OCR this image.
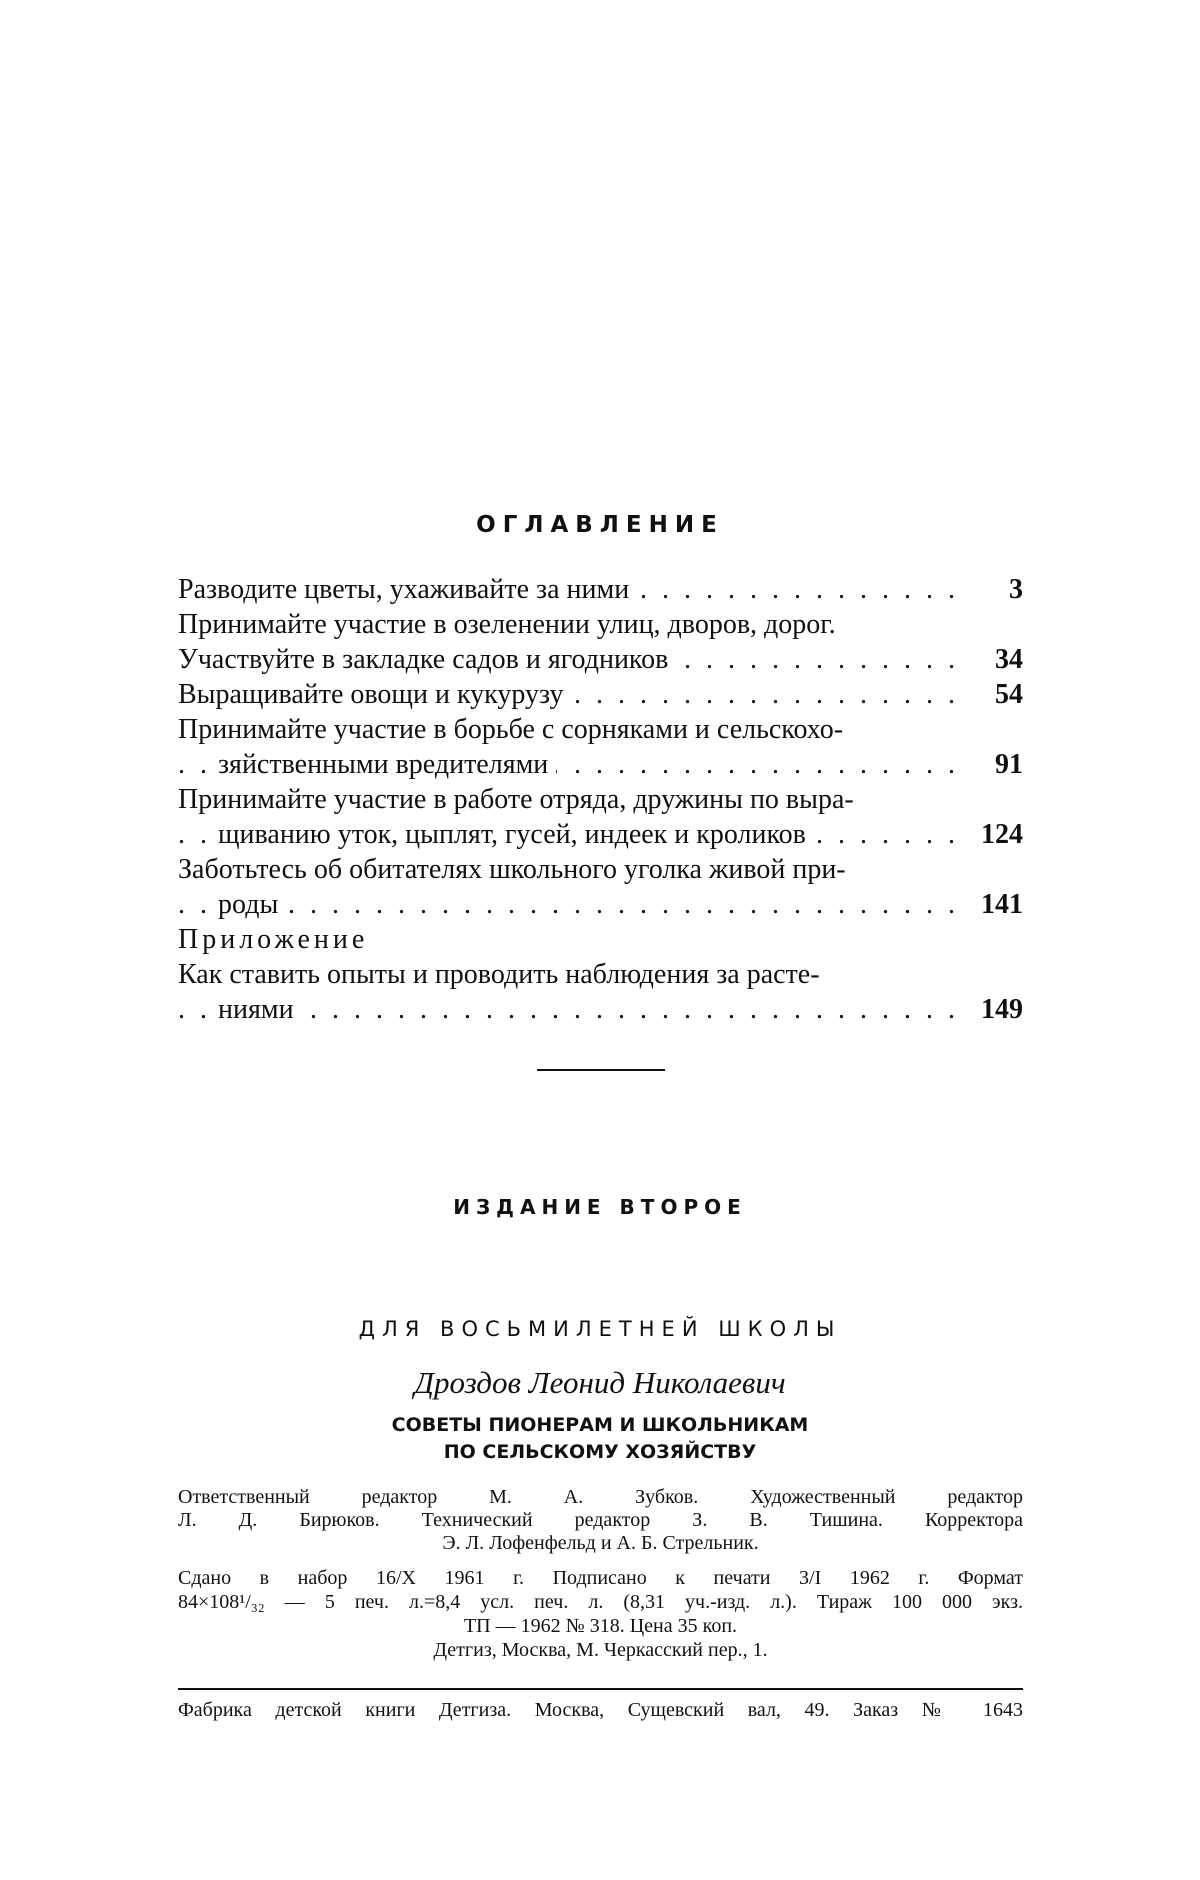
ОГЛАВЛЕНИЕ
. . . Разводите цветы, ухаживайте за ними	3
Принимайте участие в озеленении улиц, дворов, дорог.
. . . Участвуйте в закладке садов и ягодников	34
. . . Выращивайте овощи и кукурузу	54
Принимайте участие в борьбе с сорняками и сельскохо-
. . . зяйственными вредителями	91
Принимайте участие в работе отряда, дружины по выра-
. . . щиванию уток, цыплят, гусей, индеек и кроликов	124
Заботьтесь об обитателях школьного уголка живой при-
. . . роды	141
Приложение
Как ставить опыты и проводить наблюдения за расте-
. . . ниями	149
ИЗДАНИЕ ВТОРОЕ
ДЛЯ ВОСЬМИЛЕТНЕЙ ШКОЛЫ
Дроздов Леонид Николаевич
СОВЕТЫ ПИОНЕРАМ И ШКОЛЬНИКАМ
ПО СЕЛЬСКОМУ ХОЗЯЙСТВУ
Ответственный редактор М. А. Зубков. Художественный редактор
Л. Д. Бирюков. Технический редактор З. В. Тишина. Корректора
Э. Л. Лофенфельд и А. Б. Стрельник.
Сдано в набор 16/X 1961 г. Подписано к печати 3/I 1962 г. Формат
84×108¹/₃₂ — 5 печ. л.=8,4 усл. печ. л. (8,31 уч.-изд. л.). Тираж 100 000 экз.
ТП — 1962 № 318. Цена 35 коп.
Детгиз, Москва, М. Черкасский пер., 1.
Фабрика детской книги Детгиза. Москва, Сущевский вал, 49. Заказ № 1643
